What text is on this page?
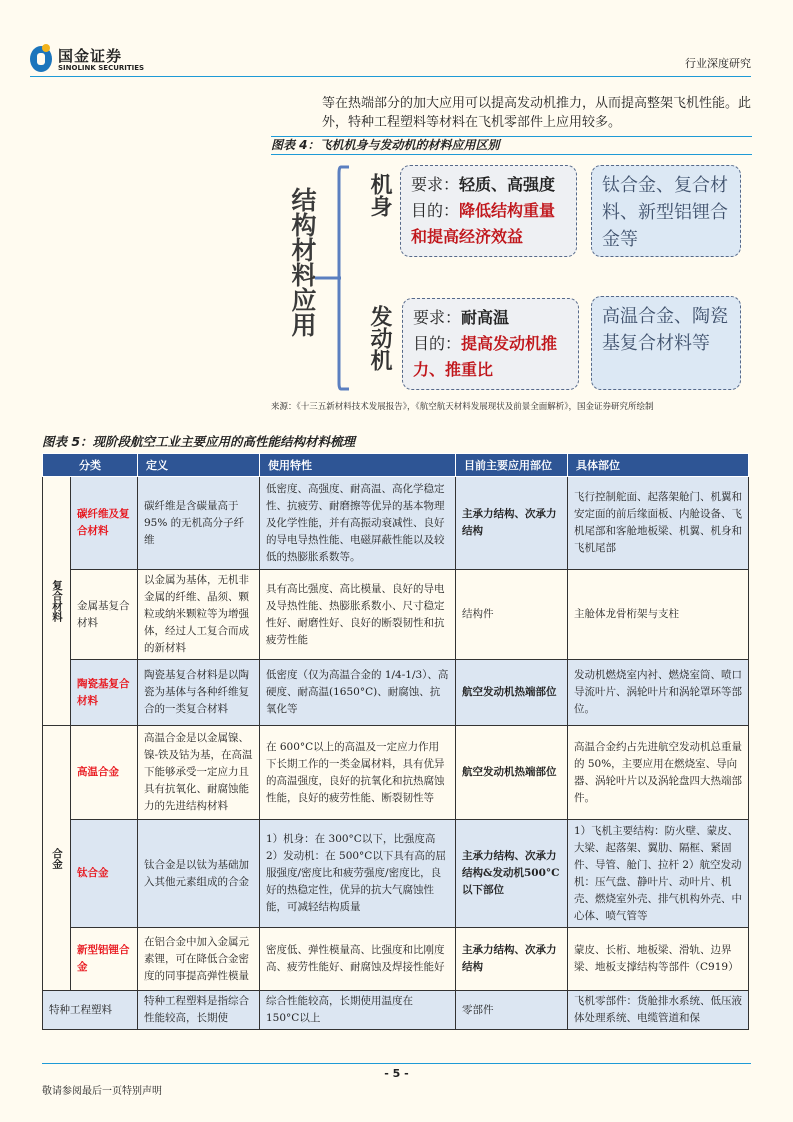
国金证券
SINOLINK SECURITIES	行业深度研究
等在热端部分的加大应用可以提高发动机推力，从而提高整架飞机性能。此外，特种工程塑料等材料在飞机零部件上应用较多。
图表 4：飞机机身与发动机的材料应用区别
结构材料应用 机身
发动机
要求：轻质、高强度
目的：降低结构重量和提高经济效益
钛合金、复合材料、新型铝锂合金等
要求：耐高温
目的：提高发动机推力、推重比
高温合金、陶瓷基复合材料等
来源：《十三五新材料技术发展报告》，《航空航天材料发展现状及前景全面解析》，国金证券研究所绘制
图表 5：现阶段航空工业主要应用的高性能结构材料梳理
分类		定义	使用特性	目前主要应用部位	具体部位
复合材料	碳纤维及复合材料	碳纤维是含碳量高于 95% 的无机高分子纤维	低密度、高强度、耐高温、高化学稳定性、抗疲劳、耐磨擦等优异的基本物理及化学性能，并有高振动衰减性、良好的导电导热性能、电磁屏蔽性能以及较低的热膨胀系数等。	主承力结构、次承力结构	飞行控制舵面、起落架舱门、机翼和安定面的前后缘面板、内舱设备、飞机尾部和客舱地板梁、机翼、机身和飞机尾部
	金属基复合材料	以金属为基体，无机非金属的纤维、晶须、颗粒或纳米颗粒等为增强体，经过人工复合而成的新材料	具有高比强度、高比模量、良好的导电及导热性能、热膨胀系数小、尺寸稳定性好、耐磨性好、良好的断裂韧性和抗疲劳性能	结构件	主舱体龙骨桁架与支柱
	陶瓷基复合材料	陶瓷基复合材料是以陶瓷为基体与各种纤维复合的一类复合材料	低密度（仅为高温合金的 1/4-1/3）、高硬度、耐高温(1650°C)、耐腐蚀、抗氧化等	航空发动机热端部位	发动机燃烧室内衬、燃烧室筒、喷口导流叶片、涡轮叶片和涡轮罩环等部位。
合金	高温合金	高温合金是以金属镍、镍-铁及钴为基，在高温下能够承受一定应力且具有抗氧化、耐腐蚀能力的先进结构材料	在 600°C以上的高温及一定应力作用下长期工作的一类金属材料，具有优异的高温强度，良好的抗氧化和抗热腐蚀性能，良好的疲劳性能、断裂韧性等	航空发动机热端部位	高温合金约占先进航空发动机总重量的 50%，主要应用在燃烧室、导向器、涡轮叶片以及涡轮盘四大热端部件。
	钛合金	钛合金是以钛为基础加入其他元素组成的合金	1）机身：在 300°C以下，比强度高 2）发动机：在 500°C以下具有高的屈服强度/密度比和疲劳强度/密度比，良好的热稳定性，优异的抗大气腐蚀性能，可减轻结构质量	主承力结构、次承力结构&发动机500°C以下部位	1）飞机主要结构：防火壁、蒙皮、大梁、起落架、翼肋、隔框、紧固件、导管、舱门、拉杆 2）航空发动机：压气盘、静叶片、动叶片、机壳、燃烧室外壳、排气机构外壳、中心体、喷气管等
	新型铝锂合金	在铝合金中加入金属元素锂，可在降低合金密度的同事提高弹性模量	密度低、弹性模量高、比强度和比刚度高、疲劳性能好、耐腐蚀及焊接性能好	主承力结构、次承力结构	蒙皮、长桁、地板梁、滑轨、边界梁、地板支撑结构等部件（C919）
特种工程塑料		特种工程塑料是指综合性能较高，长期使	综合性能较高，长期使用温度在 150°C以上	零部件	飞机零部件：货舱排水系统、低压液体处理系统、电缆管道和保
- 5 -
敬请参阅最后一页特别声明
